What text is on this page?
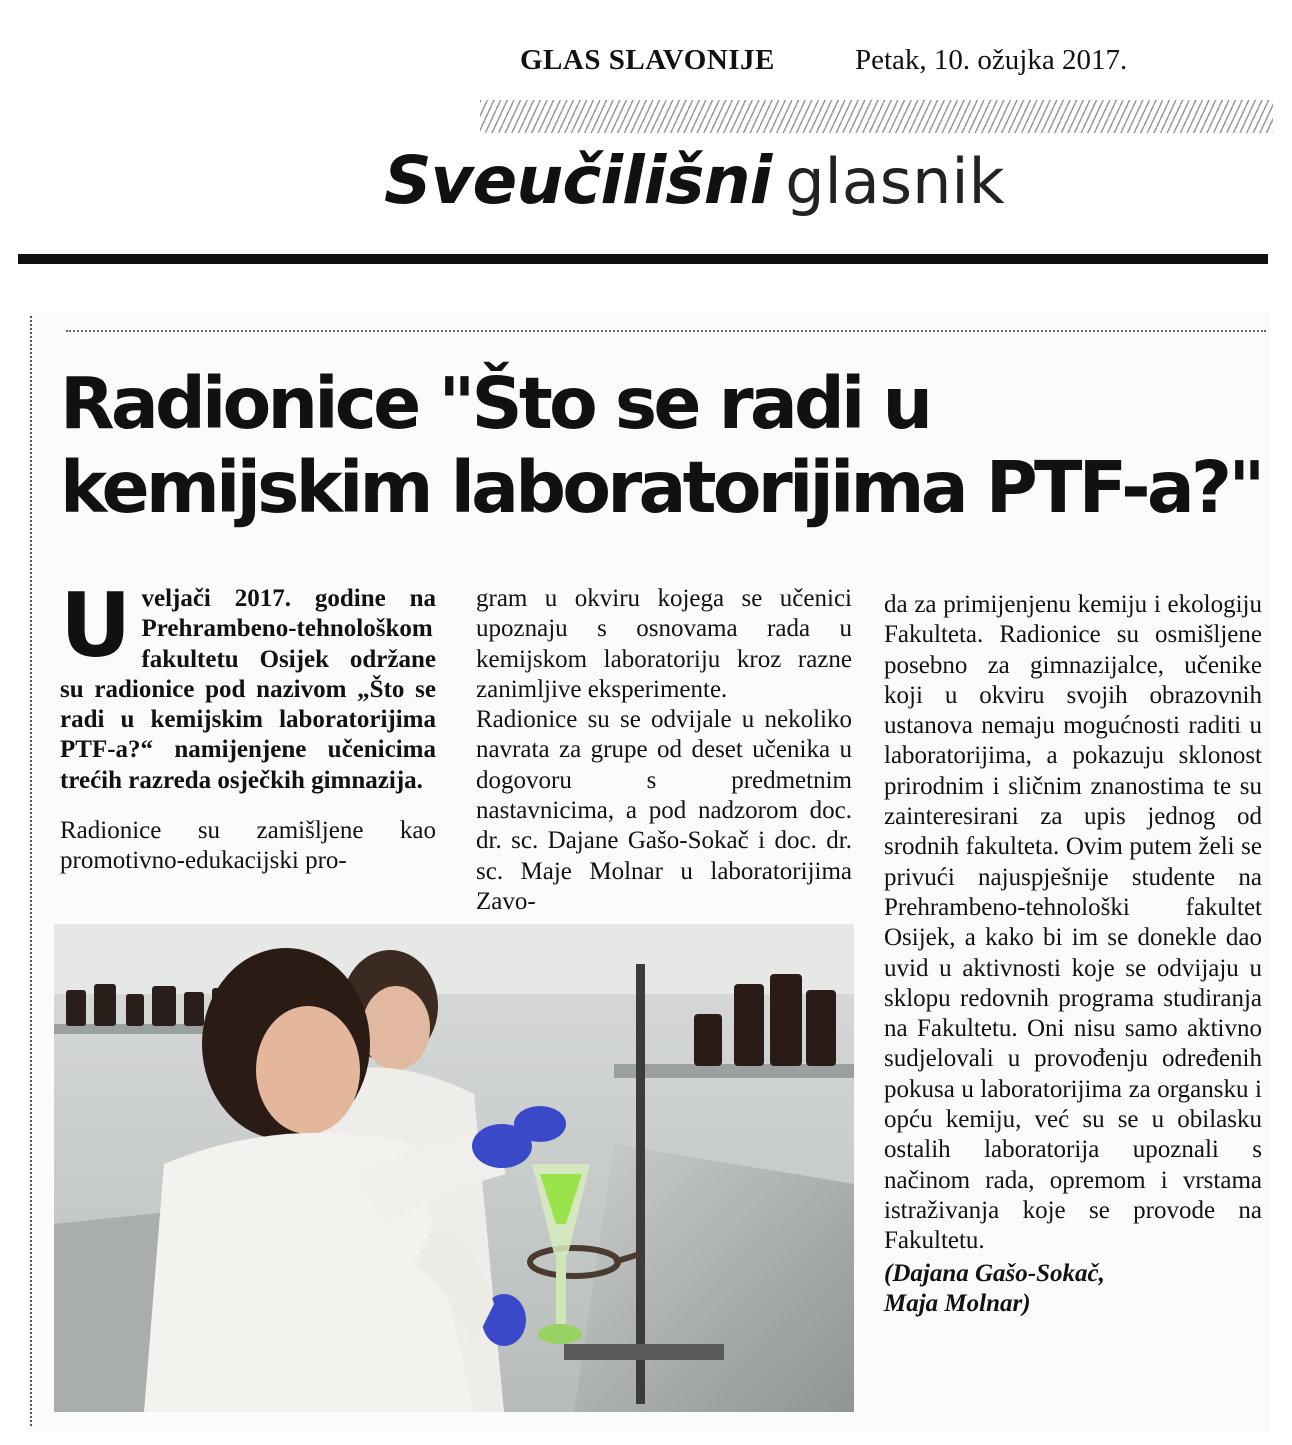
GLAS SLAVONIJE	Petak, 10. ožujka 2017.
Sveučilišni glasnik
Radionice "Što se radi u kemijskim laboratorijima PTF-a?"

Uveljači 2017. godine na Prehrambeno-tehnološkom fakultetu Osijek održane su radionice pod nazivom „Što se radi u kemijskim laboratorijima PTF-a?“ namijenjene učenicima trećih razreda osječkih gimnazija.

Radionice su zamišljene kao promotivno-edukacijski pro-

gram u okviru kojega se učenici upoznaju s osnovama rada u kemijskom laboratoriju kroz razne zanimljive eksperimente.

Radionice su se odvijale u nekoliko navrata za grupe od deset učenika u dogovoru s predmetnim nastavnicima, a pod nadzorom doc. dr. sc. Dajane Gašo-Sokač i doc. dr. sc. Maje Molnar u laboratorijima Zavo-

da za primijenjenu kemiju i ekologiju Fakulteta. Radionice su osmišljene posebno za gimnazijalce, učenike koji u okviru svojih obrazovnih ustanova nemaju mogućnosti raditi u laboratorijima, a pokazuju sklonost prirodnim i sličnim znanostima te su zainteresirani za upis jednog od srodnih fakulteta. Ovim putem želi se privući najuspješnije studente na Prehrambeno-tehnološki fakultet Osijek, a kako bi im se donekle dao uvid u aktivnosti koje se odvijaju u sklopu redovnih programa studiranja na Fakultetu. Oni nisu samo aktivno sudjelovali u provođenju određenih pokusa u laboratorijima za organsku i opću kemiju, već su se u obilasku ostalih laboratorija upoznali s načinom rada, opremom i vrstama istraživanja koje se provode na Fakultetu.

(Dajana Gašo-Sokač,
Maja Molnar)
